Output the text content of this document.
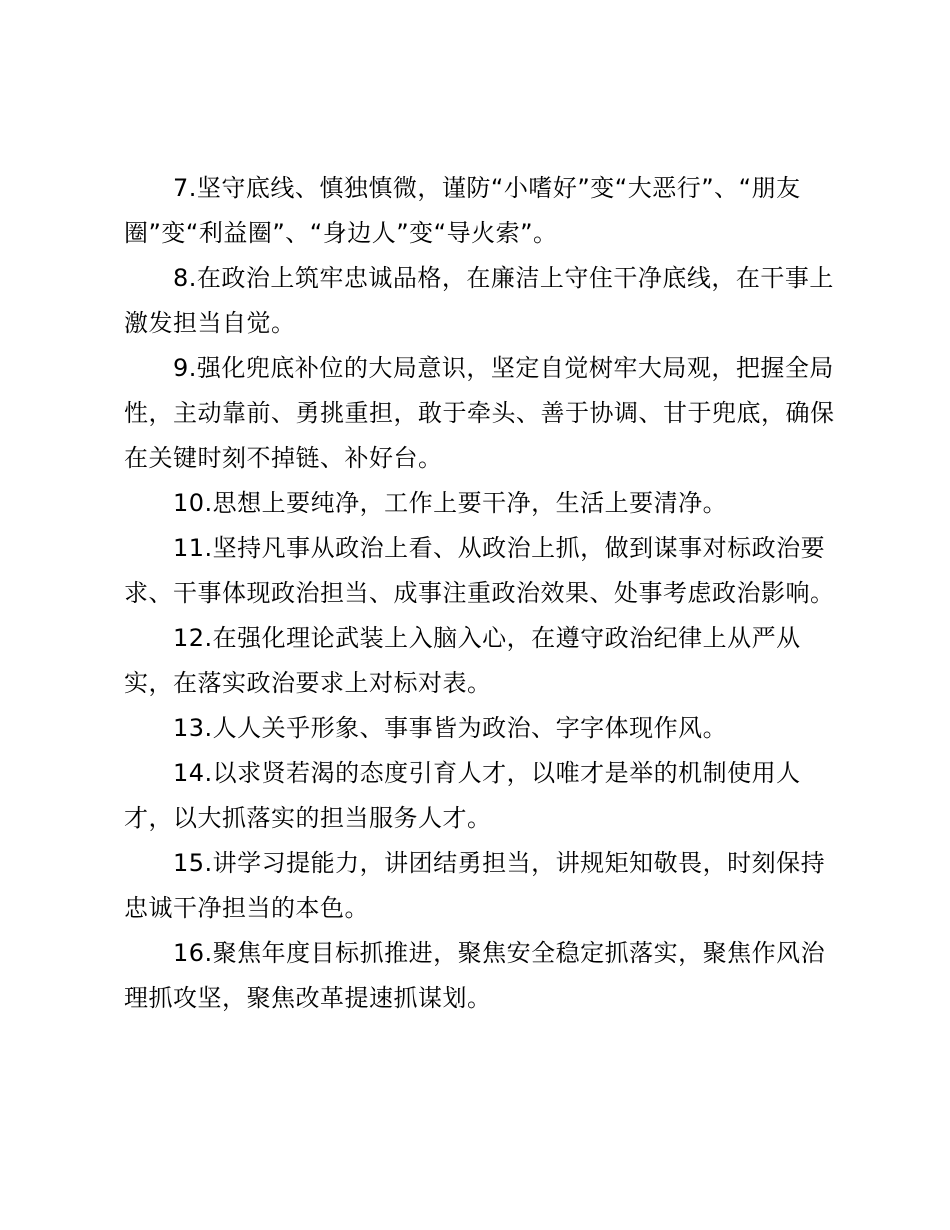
7.坚守底线、慎独慎微，谨防“小嗜好”变“大恶行”、“朋友圈”变“利益圈”、“身边人”变“导火索”。

8.在政治上筑牢忠诚品格，在廉洁上守住干净底线，在干事上激发担当自觉。

9.强化兜底补位的大局意识，坚定自觉树牢大局观，把握全局性，主动靠前、勇挑重担，敢于牵头、善于协调、甘于兜底，确保在关键时刻不掉链、补好台。

10.思想上要纯净，工作上要干净，生活上要清净。

11.坚持凡事从政治上看、从政治上抓，做到谋事对标政治要求、干事体现政治担当、成事注重政治效果、处事考虑政治影响。

12.在强化理论武装上入脑入心，在遵守政治纪律上从严从实，在落实政治要求上对标对表。

13.人人关乎形象、事事皆为政治、字字体现作风。

14.以求贤若渴的态度引育人才，以唯才是举的机制使用人才，以大抓落实的担当服务人才。

15.讲学习提能力，讲团结勇担当，讲规矩知敬畏，时刻保持忠诚干净担当的本色。

16.聚焦年度目标抓推进，聚焦安全稳定抓落实，聚焦作风治理抓攻坚，聚焦改革提速抓谋划。
